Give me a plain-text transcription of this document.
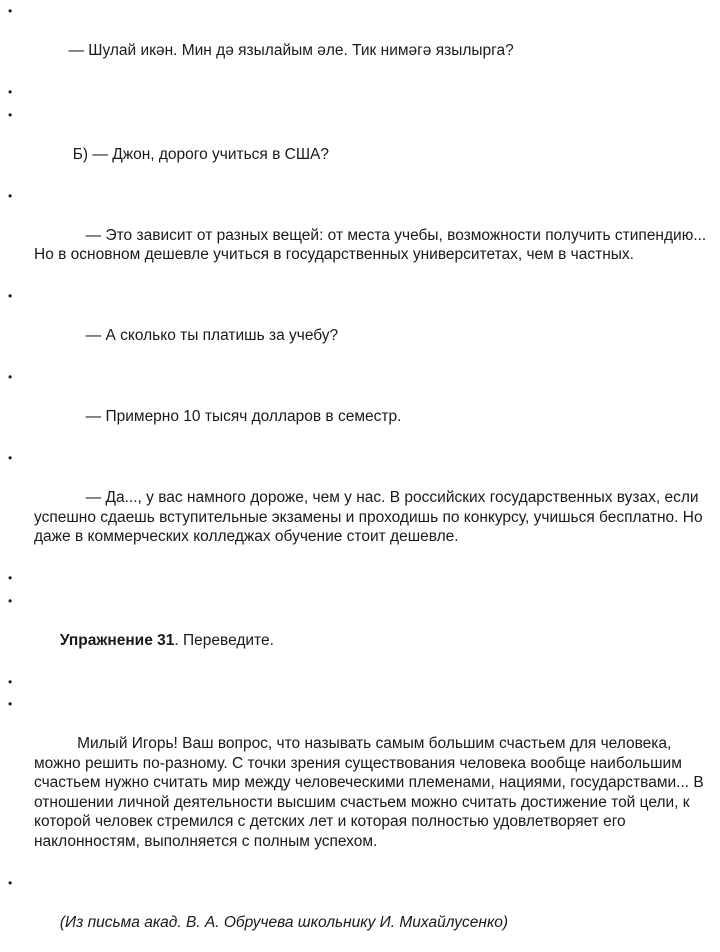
•

— Шулай икән. Мин дә язылайым әле. Тик нимәгә язылырга?

•

•

Б) — Джон, дорого учиться в США?

•

— Это зависит от разных вещей: от места учебы, возможности получить стипендию... Но в основном дешевле учиться в государственных университетах, чем в частных.

•

— А сколько ты платишь за учебу?

•

— Примерно 10 тысяч долларов в семестр.

•

— Да..., у вас намного дороже, чем у нас. В российских государственных вузах, если успешно сдаешь вступительные экзамены и проходишь по конкурсу, учишься бесплатно. Но даже в коммерческих колледжах обучение стоит дешевле.

•

•

Упражнение 31. Переведите.

•

•

Милый Игорь! Ваш вопрос, что называть самым большим счастьем для человека, можно решить по-разному. С точки зрения существования человека вообще наибольшим счастьем нужно считать мир между человеческими племенами, нациями, государствами... В отношении личной деятельности высшим счастьем можно считать достижение той цели, к которой человек стремился с детских лет и которая полностью удовлетворяет его наклонностям, выполняется с полным успехом.

•

(Из письма акад. В. А. Обручева школьнику И. Михайлусенко)
